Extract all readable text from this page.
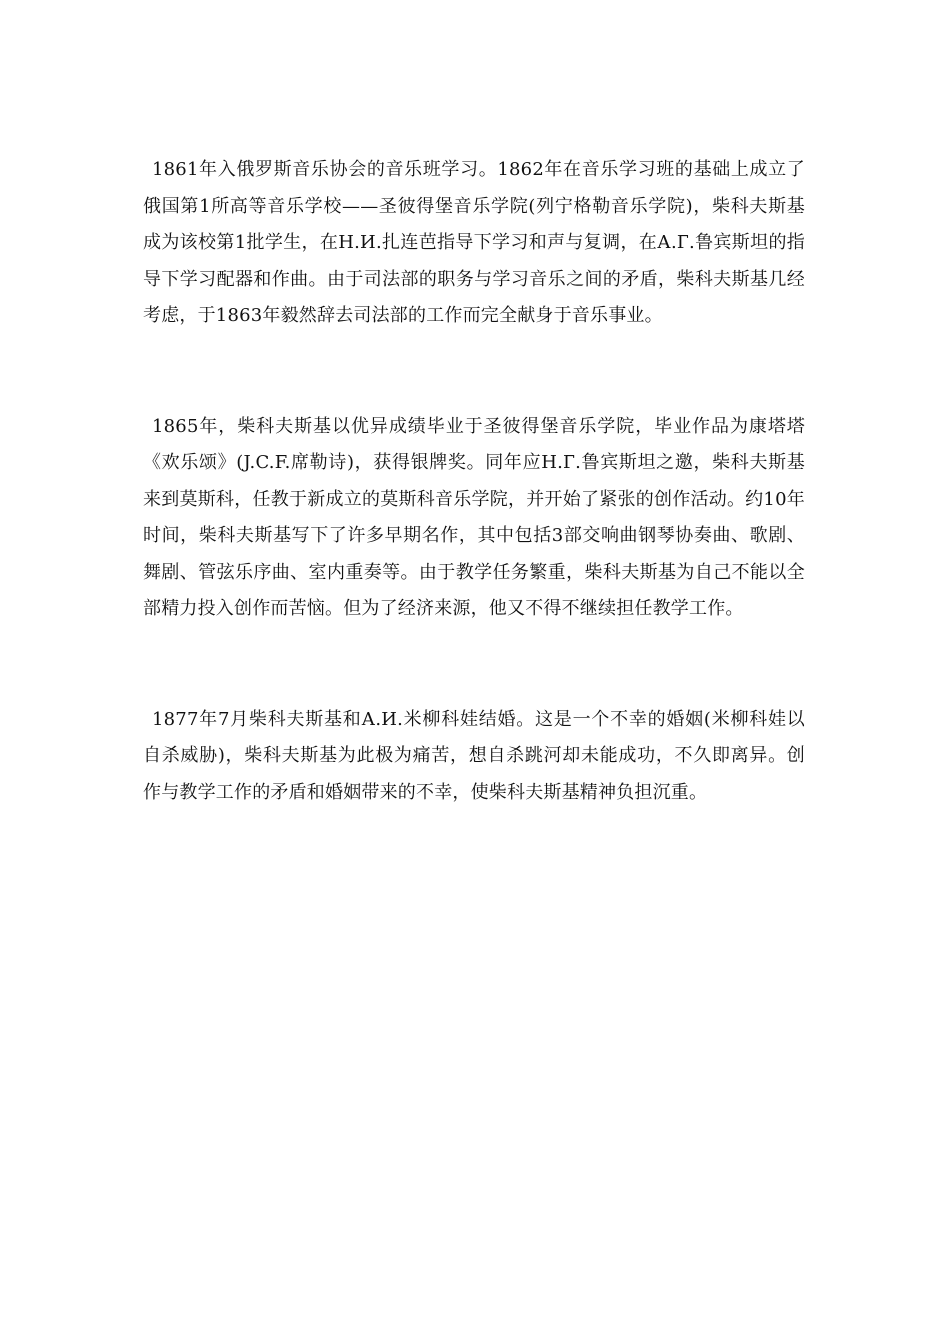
1861年入俄罗斯音乐协会的音乐班学习。1862年在音乐学习班的基础上成立了俄国第1所高等音乐学校——圣彼得堡音乐学院(列宁格勒音乐学院)，柴科夫斯基成为该校第1批学生，在Н.И.扎连芭指导下学习和声与复调，在А.Г.鲁宾斯坦的指导下学习配器和作曲。由于司法部的职务与学习音乐之间的矛盾，柴科夫斯基几经考虑，于1863年毅然辞去司法部的工作而完全献身于音乐事业。

1865年，柴科夫斯基以优异成绩毕业于圣彼得堡音乐学院，毕业作品为康塔塔《欢乐颂》(J.C.F.席勒诗)，获得银牌奖。同年应Н.Г.鲁宾斯坦之邀，柴科夫斯基来到莫斯科，任教于新成立的莫斯科音乐学院，并开始了紧张的创作活动。约10年时间，柴科夫斯基写下了许多早期名作，其中包括3部交响曲钢琴协奏曲、歌剧、舞剧、管弦乐序曲、室内重奏等。由于教学任务繁重，柴科夫斯基为自己不能以全部精力投入创作而苦恼。但为了经济来源，他又不得不继续担任教学工作。

1877年7月柴科夫斯基和А.И.米柳科娃结婚。这是一个不幸的婚姻(米柳科娃以自杀威胁)，柴科夫斯基为此极为痛苦，想自杀跳河却未能成功，不久即离异。创作与教学工作的矛盾和婚姻带来的不幸，使柴科夫斯基精神负担沉重。
